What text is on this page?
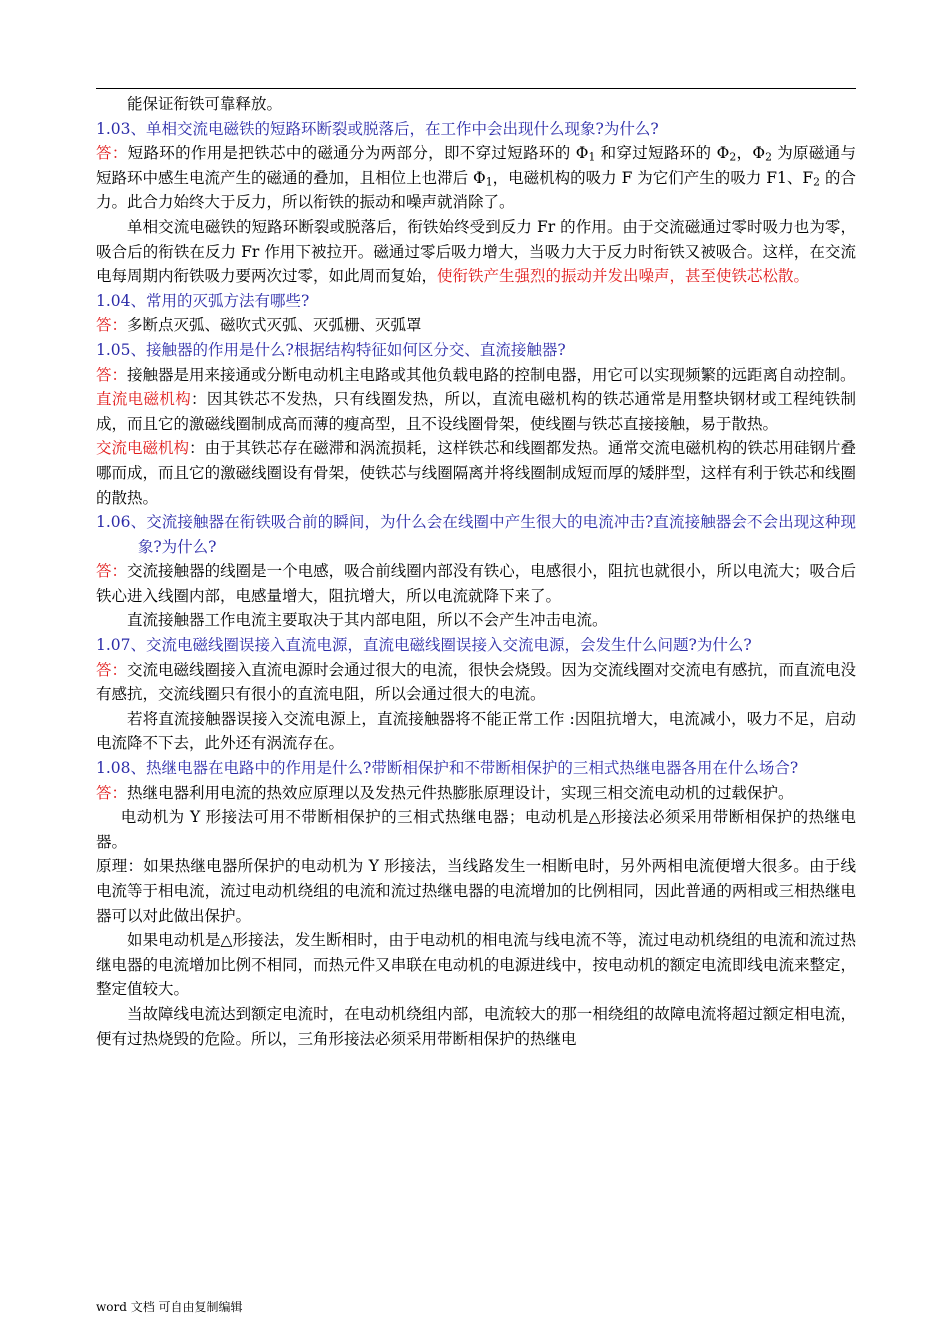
能保证衔铁可靠释放。

1.03、单相交流电磁铁的短路环断裂或脱落后，在工作中会出现什么现象?为什么?

答：短路环的作用是把铁芯中的磁通分为两部分，即不穿过短路环的 $\Phi_1$ 和穿过短路环的 $\Phi_2$，$\Phi_2$ 为原磁通与短路环中感生电流产生的磁通的叠加，且相位上也滞后 $\Phi_1$，电磁机构的吸力 F 为它们产生的吸力 F1、$F_2$ 的合力。此合力始终大于反力，所以衔铁的振动和噪声就消除了。

单相交流电磁铁的短路环断裂或脱落后，衔铁始终受到反力 Fr 的作用。由于交流磁通过零时吸力也为零，吸合后的衔铁在反力 Fr 作用下被拉开。磁通过零后吸力增大，当吸力大于反力时衔铁又被吸合。这样，在交流电每周期内衔铁吸力要两次过零，如此周而复始，使衔铁产生强烈的振动并发出噪声，甚至使铁芯松散。

1.04、常用的灭弧方法有哪些?

答：多断点灭弧、磁吹式灭弧、灭弧栅、灭弧罩

1.05、接触器的作用是什么?根据结构特征如何区分交、直流接触器?

答：接触器是用来接通或分断电动机主电路或其他负载电路的控制电器，用它可以实现频繁的远距离自动控制。

直流电磁机构：因其铁芯不发热，只有线圈发热，所以，直流电磁机构的铁芯通常是用整块钢材或工程纯铁制成，而且它的激磁线圈制成高而薄的瘦高型，且不设线圈骨架，使线圈与铁芯直接接触，易于散热。

交流电磁机构：由于其铁芯存在磁滞和涡流损耗，这样铁芯和线圈都发热。通常交流电磁机构的铁芯用硅钢片叠哪而成，而且它的激磁线圈设有骨架，使铁芯与线圈隔离并将线圈制成短而厚的矮胖型，这样有利于铁芯和线圈的散热。

1.06、交流接触器在衔铁吸合前的瞬间，为什么会在线圈中产生很大的电流冲击?直流接触器会不会出现这种现象?为什么?

答：交流接触器的线圈是一个电感，吸合前线圈内部没有铁心，电感很小，阻抗也就很小，所以电流大；吸合后铁心进入线圈内部，电感量增大，阻抗增大，所以电流就降下来了。

直流接触器工作电流主要取决于其内部电阻，所以不会产生冲击电流。

1.07、交流电磁线圈误接入直流电源，直流电磁线圈误接入交流电源，会发生什么问题?为什么?

答：交流电磁线圈接入直流电源时会通过很大的电流，很快会烧毁。因为交流线圈对交流电有感抗，而直流电没有感抗，交流线圈只有很小的直流电阻，所以会通过很大的电流。

若将直流接触器误接入交流电源上，直流接触器将不能正常工作 :因阻抗增大，电流减小，吸力不足，启动电流降不下去，此外还有涡流存在。

1.08、热继电器在电路中的作用是什么?带断相保护和不带断相保护的三相式热继电器各用在什么场合?

答：热继电器利用电流的热效应原理以及发热元件热膨胀原理设计，实现三相交流电动机的过载保护。

电动机为 Y 形接法可用不带断相保护的三相式热继电器；电动机是△形接法必须采用带断相保护的热继电器。

原理：如果热继电器所保护的电动机为 Y 形接法，当线路发生一相断电时，另外两相电流便增大很多。由于线电流等于相电流，流过电动机绕组的电流和流过热继电器的电流增加的比例相同，因此普通的两相或三相热继电器可以对此做出保护。

如果电动机是△形接法，发生断相时，由于电动机的相电流与线电流不等，流过电动机绕组的电流和流过热继电器的电流增加比例不相同，而热元件又串联在电动机的电源进线中，按电动机的额定电流即线电流来整定，整定值较大。

当故障线电流达到额定电流时，在电动机绕组内部，电流较大的那一相绕组的故障电流将超过额定相电流，便有过热烧毁的危险。所以，三角形接法必须采用带断相保护的热继电

word 文档 可自由复制编辑
